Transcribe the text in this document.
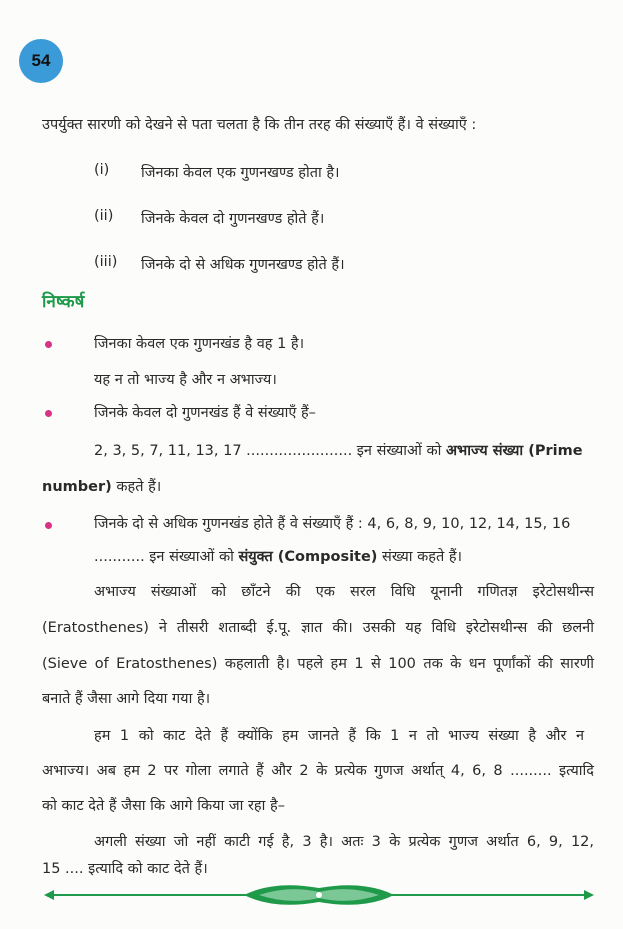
54
उपर्युक्त सारणी को देखने से पता चलता है कि तीन तरह की संख्याएँ हैं। वे संख्याएँ :
(i) जिनका केवल एक गुणनखण्ड होता है।
(ii) जिनके केवल दो गुणनखण्ड होते हैं।
(iii) जिनके दो से अधिक गुणनखण्ड होते हैं।
निष्कर्ष
जिनका केवल एक गुणनखंड है वह 1 है।
यह न तो भाज्य है और न अभाज्य।
जिनके केवल दो गुणनखंड हैं वे संख्याएँ हैं–
2, 3, 5, 7, 11, 13, 17 ....................... इन संख्याओं को अभाज्य संख्या (Prime
number) कहते हैं।
जिनके दो से अधिक गुणनखंड होते हैं वे संख्याएँ हैं : 4, 6, 8, 9, 10, 12, 14, 15, 16
........... इन संख्याओं को संयुक्त (Composite) संख्या कहते हैं।
अभाज्य संख्याओं को छाँटने की एक सरल विधि यूनानी गणितज्ञ इरेटोसथीन्स
(Eratosthenes) ने तीसरी शताब्दी ई.पू. ज्ञात की। उसकी यह विधि इरेटोसथीन्स की छलनी
(Sieve of Eratosthenes) कहलाती है। पहले हम 1 से 100 तक के धन पूर्णांकों की सारणी
बनाते हैं जैसा आगे दिया गया है।
हम 1 को काट देते हैं क्योंकि हम जानते हैं कि 1 न तो भाज्य संख्या है और न
अभाज्य। अब हम 2 पर गोला लगाते हैं और 2 के प्रत्येक गुणज अर्थात् 4, 6, 8 ......... इत्यादि
को काट देते हैं जैसा कि आगे किया जा रहा है–
अगली संख्या जो नहीं काटी गई है, 3 है। अतः 3 के प्रत्येक गुणज अर्थात 6, 9, 12,
15 .... इत्यादि को काट देते हैं।
